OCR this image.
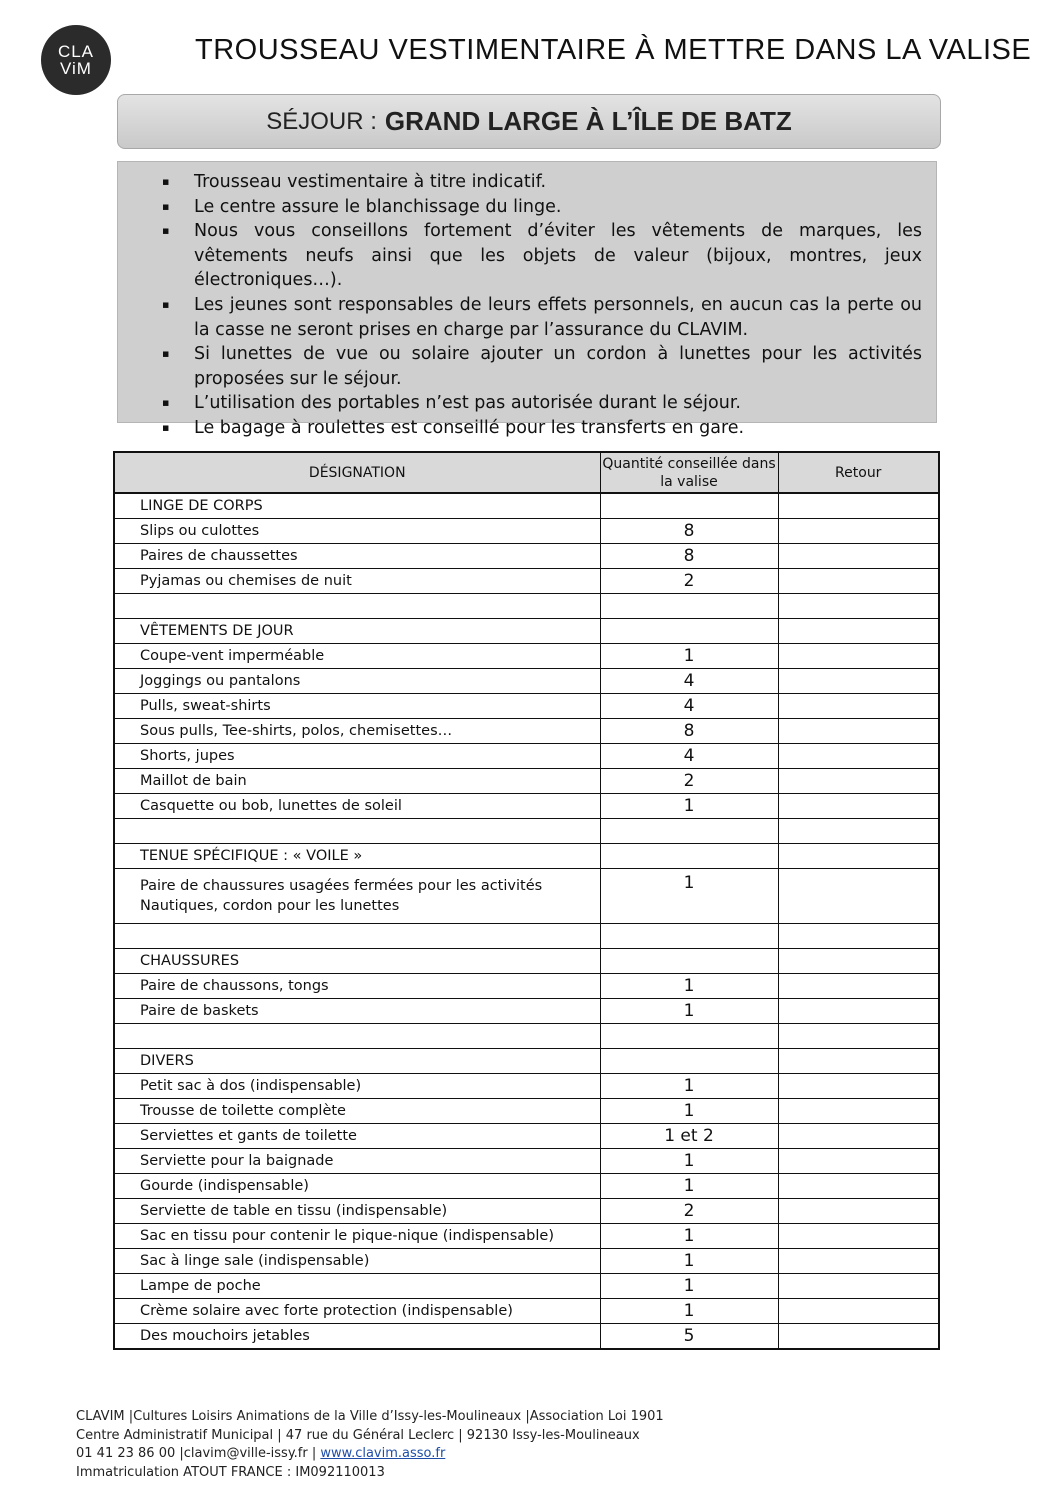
CLA
ViM
TROUSSEAU VESTIMENTAIRE À METTRE DANS LA VALISE
SÉJOUR : GRAND LARGE À L’ÎLE DE BATZ
▪ Trousseau vestimentaire à titre indicatif.
▪ Le centre assure le blanchissage du linge.
▪ Nous vous conseillons fortement d’éviter les vêtements de marques, les vêtements neufs ainsi que les objets de valeur (bijoux, montres, jeux électroniques…).
▪ Les jeunes sont responsables de leurs effets personnels, en aucun cas la perte ou la casse ne seront prises en charge par l’assurance du CLAVIM.
▪ Si lunettes de vue ou solaire ajouter un cordon à lunettes pour les activités proposées sur le séjour.
▪ L’utilisation des portables n’est pas autorisée durant le séjour.
▪ Le bagage à roulettes est conseillé pour les transferts en gare.
DÉSIGNATION	Quantité conseillée dans la valise	Retour
LINGE DE CORPS		
Slips ou culottes	8	
Paires de chaussettes	8	
Pyjamas ou chemises de nuit	2	

VÊTEMENTS DE JOUR		
Coupe-vent imperméable	1	
Joggings ou pantalons	4	
Pulls, sweat-shirts	4	
Sous pulls, Tee-shirts, polos, chemisettes…	8	
Shorts, jupes	4	
Maillot de bain	2	
Casquette ou bob, lunettes de soleil	1	

TENUE SPÉCIFIQUE : « VOILE »		
Paire de chaussures usagées fermées pour les activités
Nautiques, cordon pour les lunettes	1	

CHAUSSURES		
Paire de chaussons, tongs	1	
Paire de baskets	1	

DIVERS		
Petit sac à dos (indispensable)	1	
Trousse de toilette complète	1	
Serviettes et gants de toilette	1 et 2	
Serviette pour la baignade	1	
Gourde (indispensable)	1	
Serviette de table en tissu (indispensable)	2	
Sac en tissu pour contenir le pique-nique (indispensable)	1	
Sac à linge sale (indispensable)	1	
Lampe de poche	1	
Crème solaire avec forte protection (indispensable)	1	
Des mouchoirs jetables	5	
CLAVIM |Cultures Loisirs Animations de la Ville d’Issy-les-Moulineaux |Association Loi 1901
Centre Administratif Municipal | 47 rue du Général Leclerc | 92130 Issy-les-Moulineaux
01 41 23 86 00 |clavim@ville-issy.fr | www.clavim.asso.fr
Immatriculation ATOUT FRANCE : IM092110013
